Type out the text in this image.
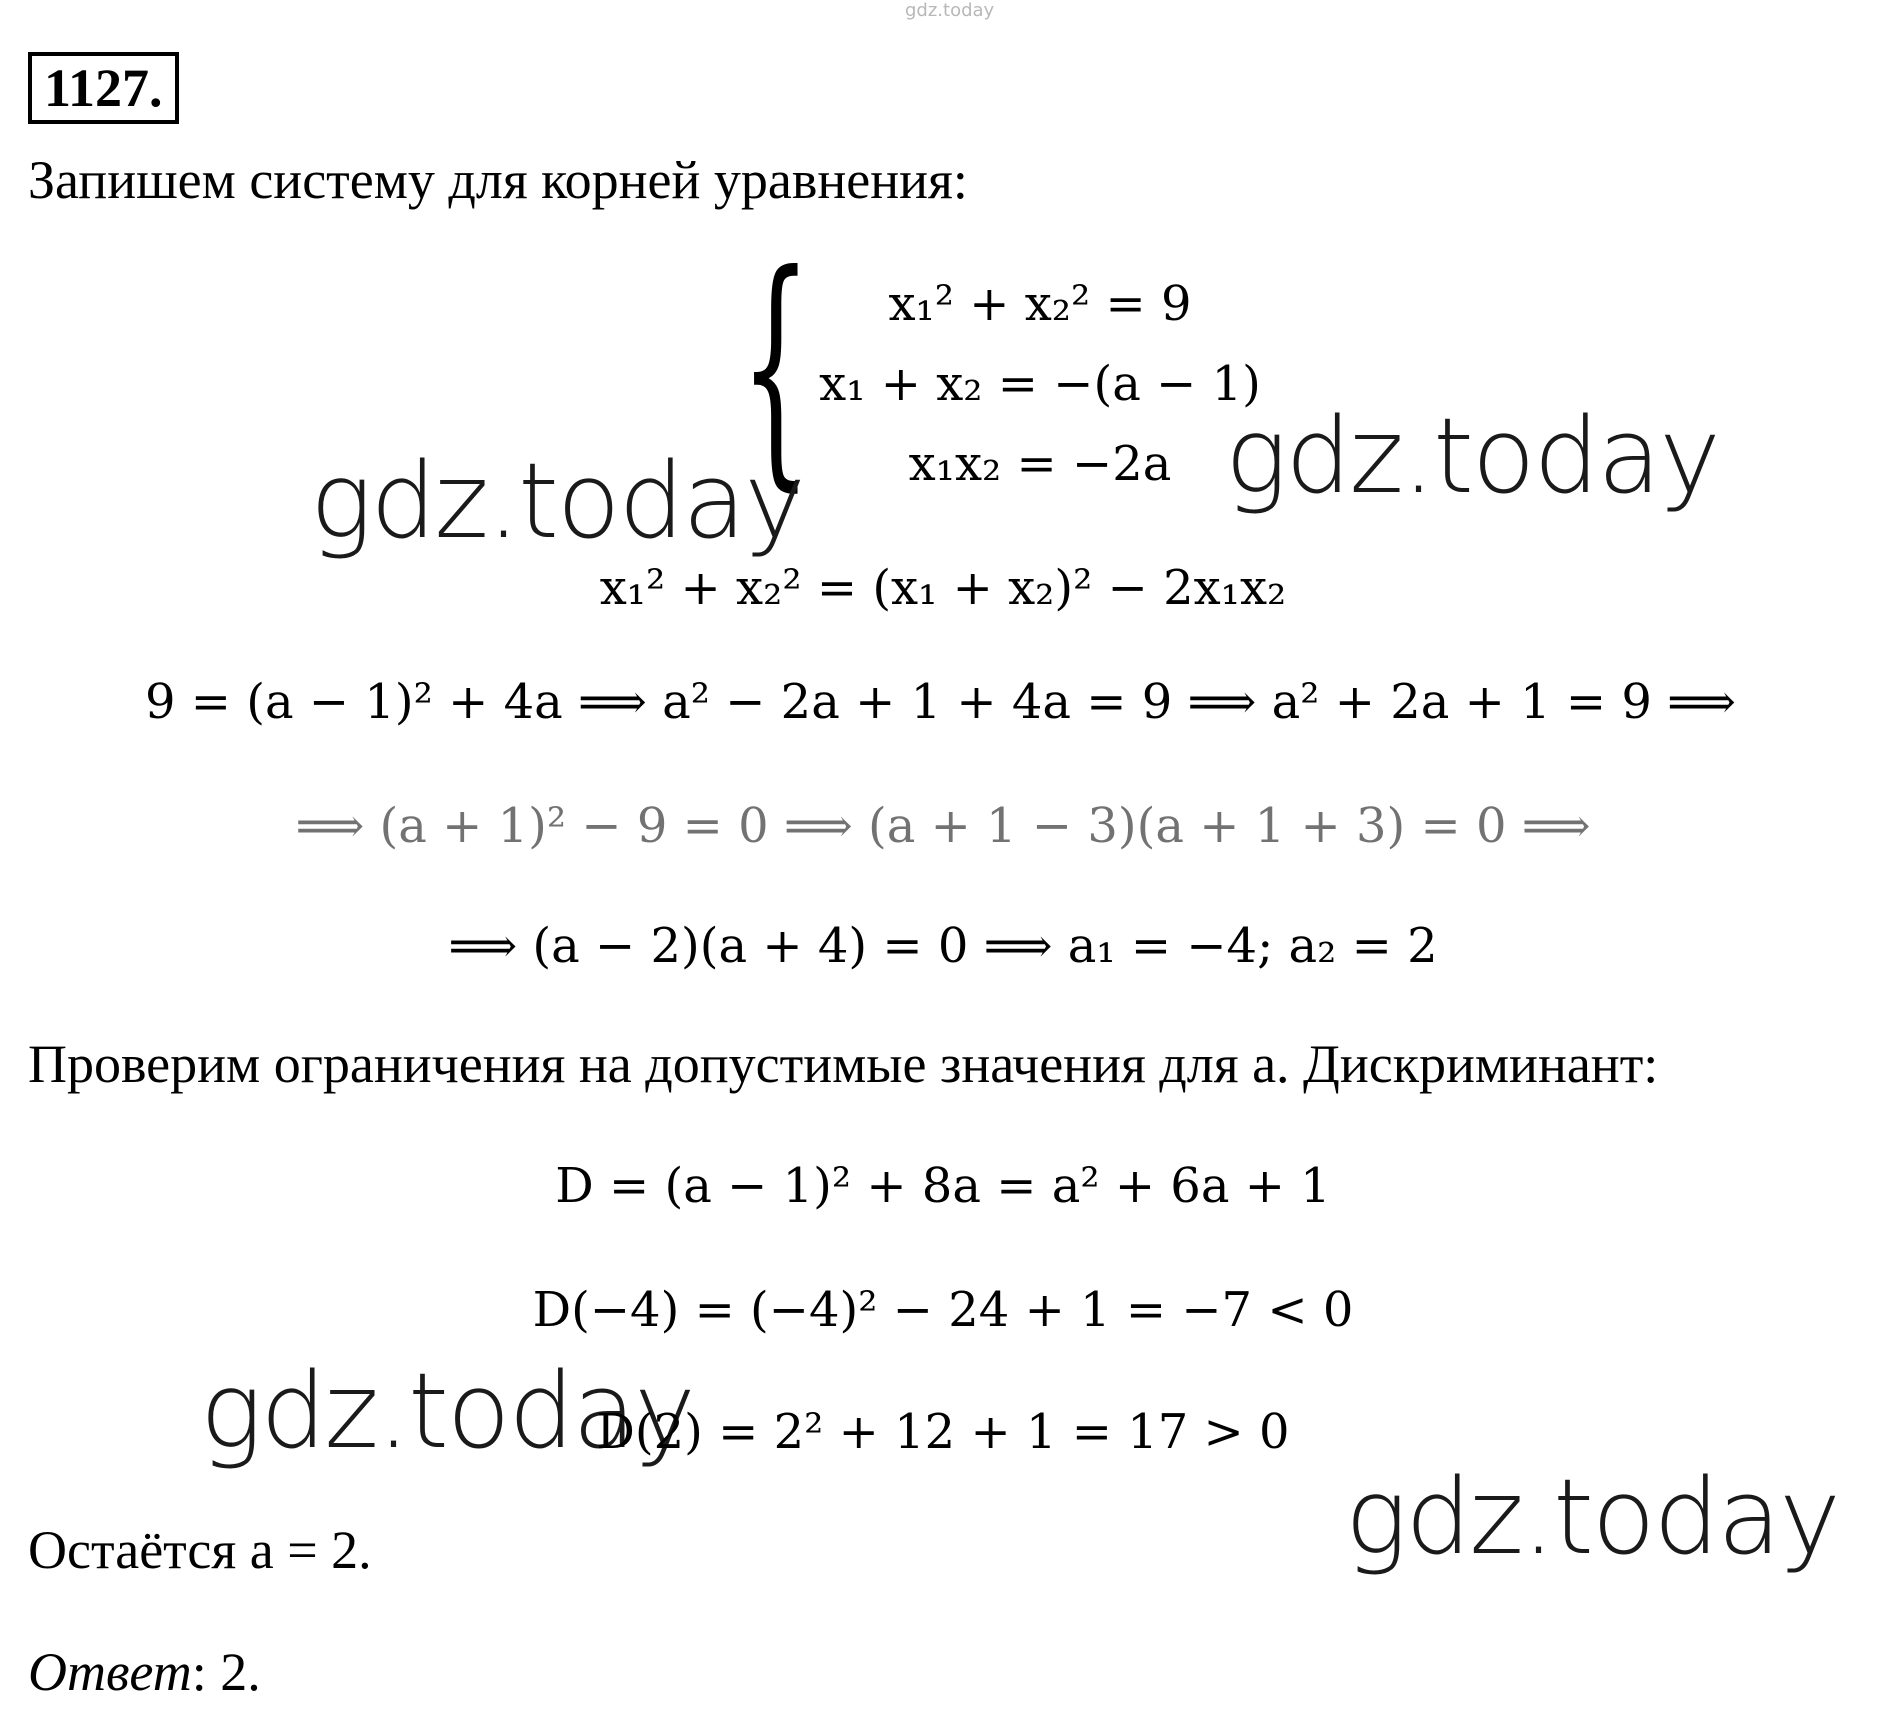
gdz.today
1127.
Запишем систему для корней уравнения:
{	x₁² + x₂² = 9
x₁ + x₂ = −(a − 1)
x₁x₂ = −2a
gdz.today	gdz.today
x₁² + x₂² = (x₁ + x₂)² − 2x₁x₂
9 = (a − 1)² + 4a ⟹ a² − 2a + 1 + 4a = 9 ⟹ a² + 2a + 1 = 9 ⟹
⟹ (a + 1)² − 9 = 0 ⟹ (a + 1 − 3)(a + 1 + 3) = 0 ⟹
⟹ (a − 2)(a + 4) = 0 ⟹ a₁ = −4; a₂ = 2
Проверим ограничения на допустимые значения для a. Дискриминант:
D = (a − 1)² + 8a = a² + 6a + 1
D(−4) = (−4)² − 24 + 1 = −7 < 0
gdz.today
D(2) = 2² + 12 + 1 = 17 > 0
gdz.today
Остаётся a = 2.
Ответ: 2.
